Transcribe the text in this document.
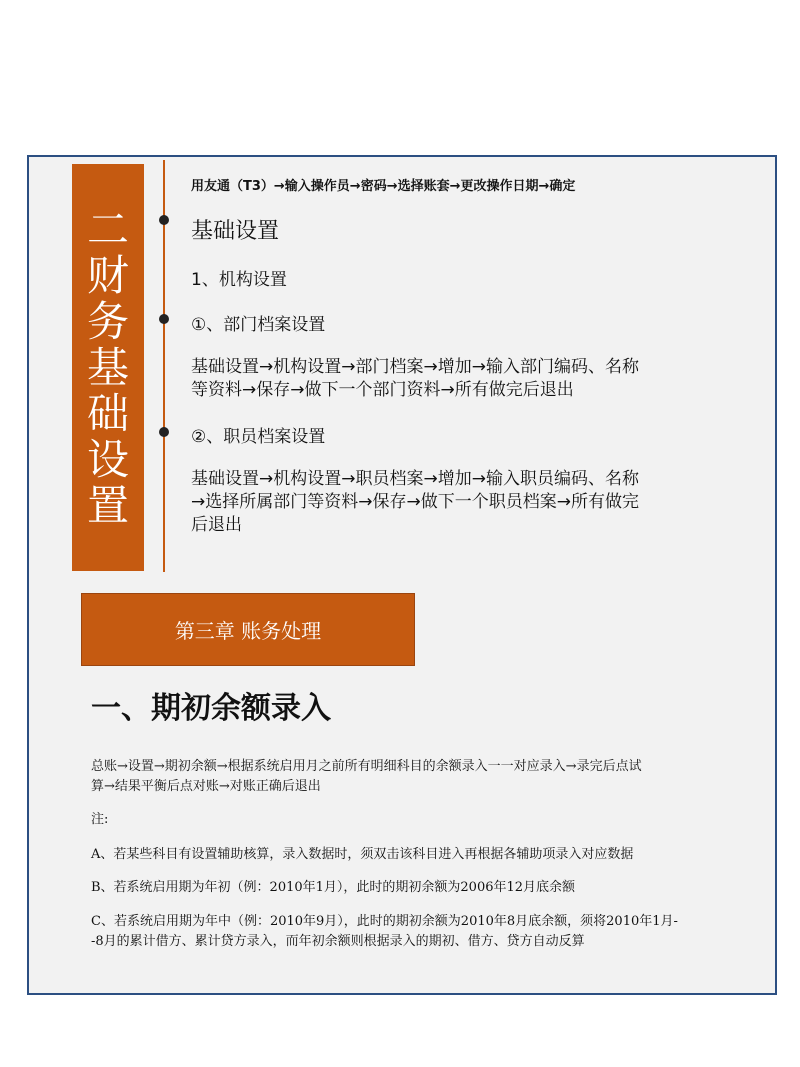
二
财
务
基
础
设
置
用友通（T3）→输入操作员→密码→选择账套→更改操作日期→确定
基础设置
1、机构设置
①、部门档案设置
基础设置→机构设置→部门档案→增加→输入部门编码、名称
等资料→保存→做下一个部门资料→所有做完后退出
②、职员档案设置
基础设置→机构设置→职员档案→增加→输入职员编码、名称
→选择所属部门等资料→保存→做下一个职员档案→所有做完
后退出
第三章 账务处理
一、期初余额录入
总账→设置→期初余额→根据系统启用月之前所有明细科目的余额录入一一对应录入→录完后点试
算→结果平衡后点对账→对账正确后退出
注:
A、若某些科目有设置辅助核算，录入数据时，须双击该科目进入再根据各辅助项录入对应数据
B、若系统启用期为年初（例：2010年1月），此时的期初余额为2006年12月底余额
C、若系统启用期为年中（例：2010年9月），此时的期初余额为2010年8月底余额，须将2010年1月-
-8月的累计借方、累计贷方录入，而年初余额则根据录入的期初、借方、贷方自动反算
